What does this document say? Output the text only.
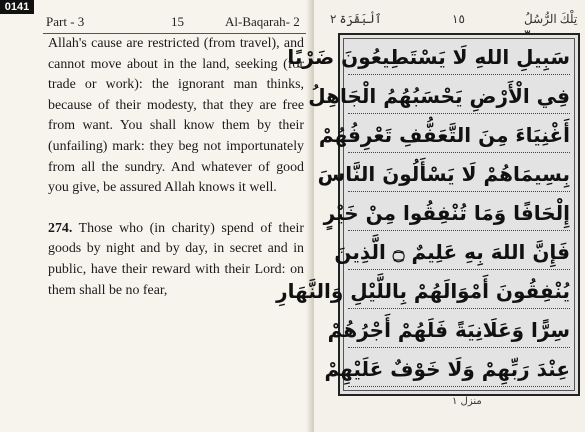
0141
Part - 3	15	Al-Baqarah- 2

Allah's cause are restricted (from travel), and cannot move about in the land, seeking (for trade or work): the ignorant man thinks, because of their modesty, that they are free from want. You shall know them by their (unfailing) mark: they beg not importunately from all the sundry. And whatever of good you give, be assured Allah knows it well.

274. Those who (in charity) spend of their goods by night and by day, in secret and in public, have their reward with their Lord: on them shall be no fear,

تِلْكَ الرُّسُلُ
١٥
ٱلْبَقَرَة ٢
سَبِيلِ اللهِ لَا يَسْتَطِيعُونَ ضَرْبًا
فِي الْأَرْضِ يَحْسَبُهُمُ الْجَاهِلُ
أَغْنِيَاءَ مِنَ التَّعَفُّفِ تَعْرِفُهُمْ
بِسِيمَاهُمْ لَا يَسْأَلُونَ النَّاسَ
إِلْحَافًا وَمَا تُنْفِقُوا مِنْ خَيْرٍ
فَإِنَّ اللهَ بِهِ عَلِيمٌ ۝ الَّذِينَ
يُنْفِقُونَ أَمْوَالَهُمْ بِاللَّيْلِ وَالنَّهَارِ
سِرًّا وَعَلَانِيَةً فَلَهُمْ أَجْرُهُمْ
عِنْدَ رَبِّهِمْ وَلَا خَوْفٌ عَلَيْهِمْ
منزل ١
